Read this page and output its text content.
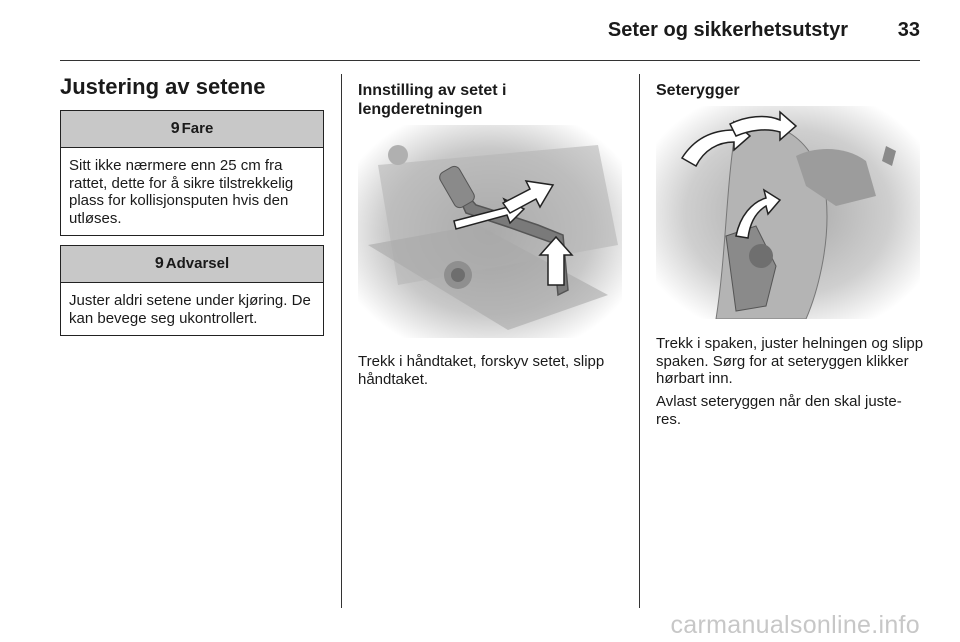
Seter og sikkerhetsutstyr 33
Justering av setene
9 Fare
Sitt ikke nærmere enn 25 cm fra rattet, dette for å sikre tilstrekkelig plass for kollisjonsputen hvis den utløses.
9 Advarsel
Juster aldri setene under kjøring. De kan bevege seg ukontrollert.
Innstilling av setet i lengderetningen

Trekk i håndtaket, forskyv setet, slipp håndtaket.

Seterygger

Trekk i spaken, juster helningen og slipp spaken. Sørg for at seteryggen klikker hørbart inn.

Avlast seteryggen når den skal juste-res.

carmanualsonline.info
